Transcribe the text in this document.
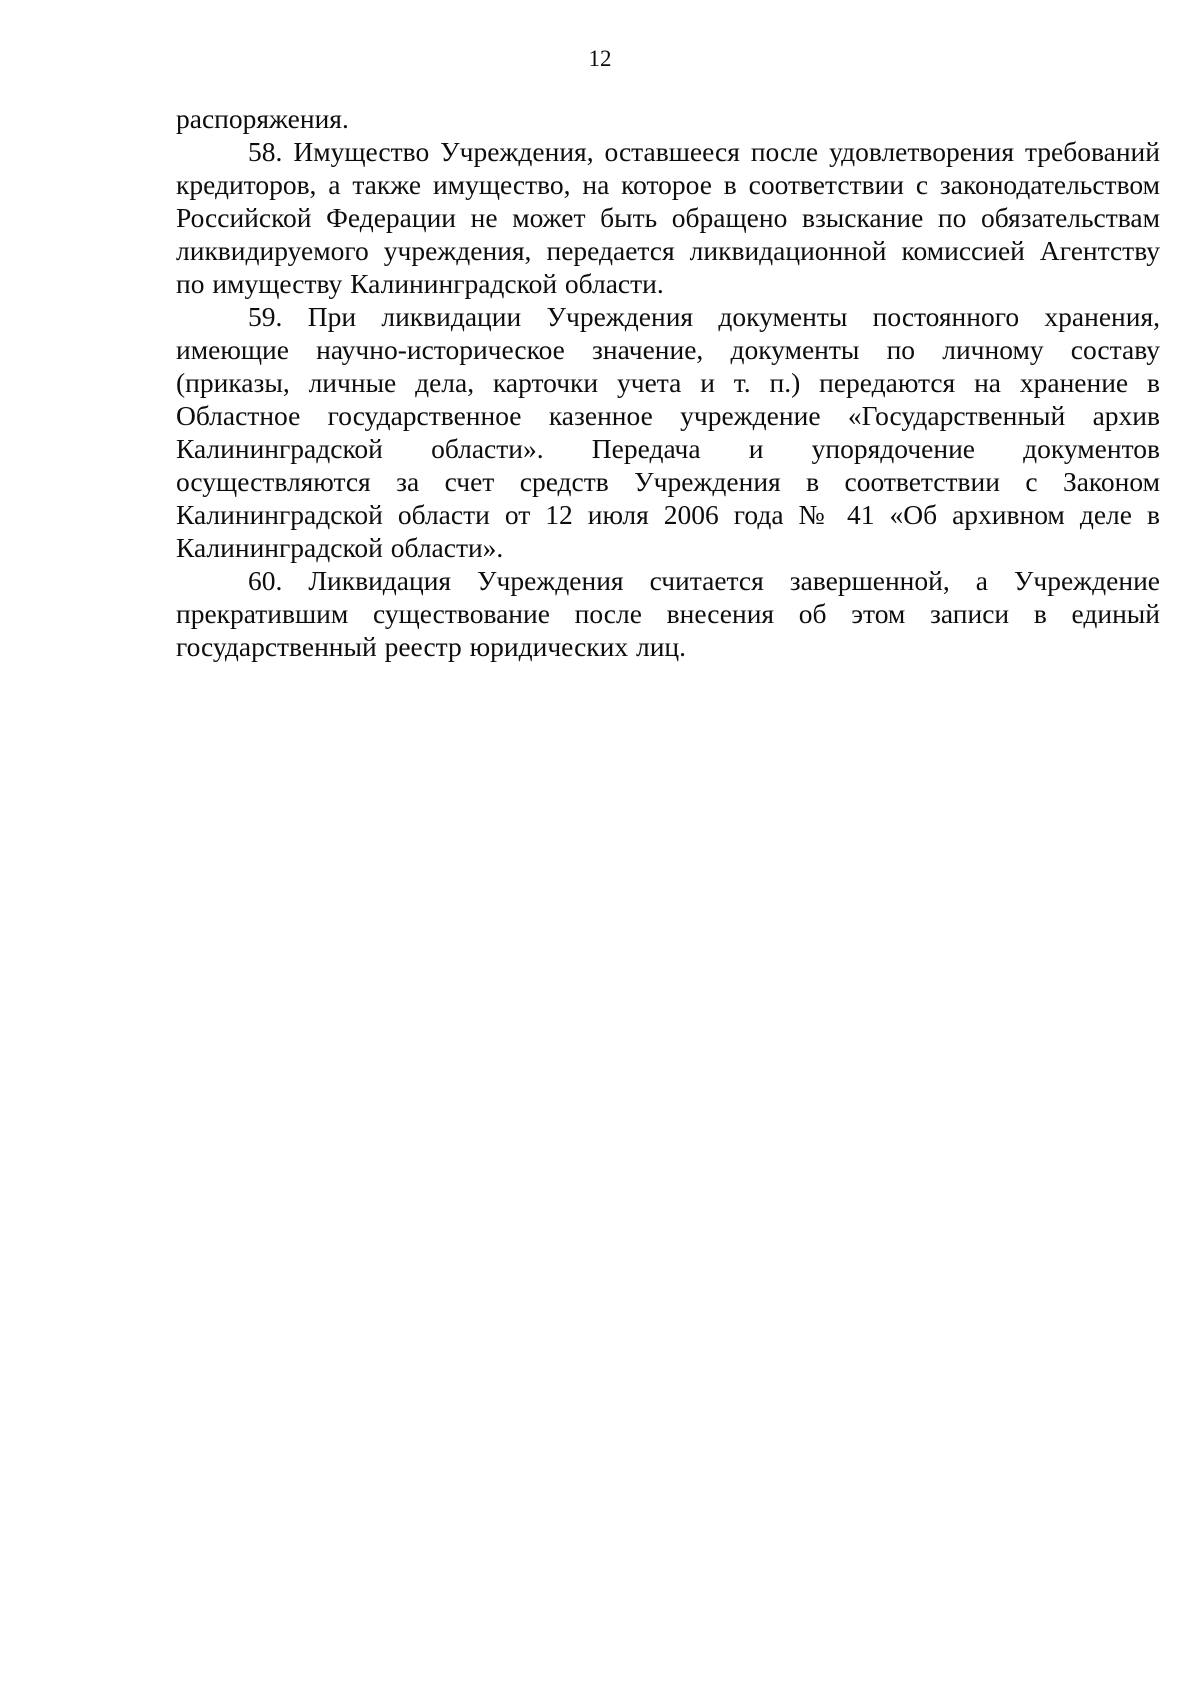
12

распоряжения.

58. Имущество Учреждения, оставшееся после удовлетворения требований кредиторов, а также имущество, на которое в соответствии с законодательством Российской Федерации не может быть обращено взыскание по обязательствам ликвидируемого учреждения, передается ликвидационной комиссией Агентству по имуществу Калининградской области.

59. При ликвидации Учреждения документы постоянного хранения, имеющие научно-историческое значение, документы по личному составу (приказы, личные дела, карточки учета и т. п.) передаются на хранение в Областное государственное казенное учреждение «Государственный архив Калининградской области». Передача и упорядочение документов осуществляются за счет средств Учреждения в соответствии с Законом Калининградской области от 12 июля 2006 года № 41 «Об архивном деле в Калининградской области».

60. Ликвидация Учреждения считается завершенной, а Учреждение прекратившим существование после внесения об этом записи в единый государственный реестр юридических лиц.
